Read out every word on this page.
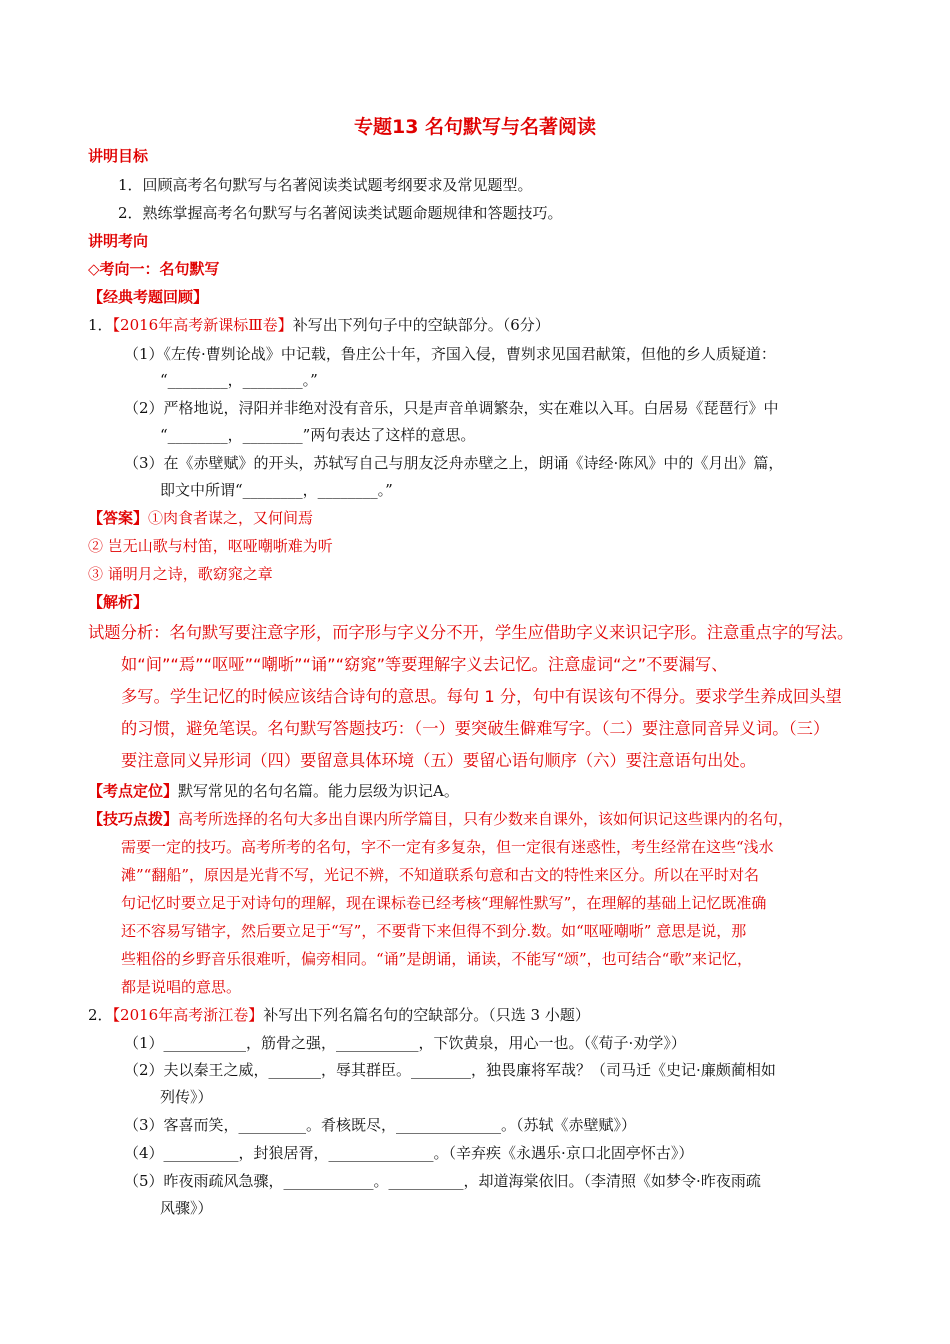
专题13 名句默写与名著阅读
讲明目标
1．回顾高考名句默写与名著阅读类试题考纲要求及常见题型。
2．熟练掌握高考名句默写与名著阅读类试题命题规律和答题技巧。
讲明考向
◇考向一：名句默写
【经典考题回顾】
1．【2016年高考新课标Ⅲ卷】补写出下列句子中的空缺部分。（6分）
（1）《左传·曹刿论战》中记载，鲁庄公十年，齐国入侵，曹刿求见国君献策，但他的乡人质疑道：
“________，________。”
（2）严格地说，浔阳并非绝对没有音乐，只是声音单调繁杂，实在难以入耳。白居易《琵琶行》中
“________，________”两句表达了这样的意思。
（3）在《赤壁赋》的开头，苏轼写自己与朋友泛舟赤壁之上，朗诵《诗经·陈风》中的《月出》篇，
即文中所谓“________，________。”
【答案】①肉食者谋之，又何间焉
② 岂无山歌与村笛，呕哑嘲哳难为听
③ 诵明月之诗，歌窈窕之章
【解析】
试题分析：名句默写要注意字形，而字形与字义分不开，学生应借助字义来识记字形。注意重点字的写法。
如“间”“焉”“呕哑”“嘲哳”“诵”“窈窕”等要理解字义去记忆。注意虚词“之”不要漏写、
多写。学生记忆的时候应该结合诗句的意思。每句 1 分，句中有误该句不得分。要求学生养成回头望
的习惯，避免笔误。名句默写答题技巧：（一）要突破生僻难写字。（二）要注意同音异义词。（三）
要注意同义异形词（四）要留意具体环境（五）要留心语句顺序（六）要注意语句出处。
【考点定位】默写常见的名句名篇。能力层级为识记A。
【技巧点拨】高考所选择的名句大多出自课内所学篇目，只有少数来自课外，该如何识记这些课内的名句，
需要一定的技巧。高考所考的名句，字不一定有多复杂，但一定很有迷惑性，考生经常在这些“浅水
滩”“翻船”，原因是光背不写，光记不辨，不知道联系句意和古文的特性来区分。所以在平时对名
句记忆时要立足于对诗句的理解，现在课标卷已经考核“理解性默写”，在理解的基础上记忆既准确
还不容易写错字，然后要立足于“写”，不要背下来但得不到分.数。如“呕哑嘲哳” 意思是说，那
些粗俗的乡野音乐很难听，偏旁相同。“诵”是朗诵，诵读，不能写“颂”，也可结合“歌”来记忆，
都是说唱的意思。
2．【2016年高考浙江卷】补写出下列名篇名句的空缺部分。（只选 3 小题）
（1）___________，筋骨之强，___________，下饮黄泉，用心一也。（《荀子·劝学》）
（2）夫以秦王之威，_______，辱其群臣。________，独畏廉将军哉？（司马迁《史记·廉颇蔺相如
列传》）
（3）客喜而笑，_________。肴核既尽，______________。（苏轼《赤壁赋》）
（4）__________，封狼居胥，______________。（辛弃疾《永遇乐·京口北固亭怀古》）
（5）昨夜雨疏风急骤，____________。__________，却道海棠依旧。（李清照《如梦令·昨夜雨疏
风骤》）
